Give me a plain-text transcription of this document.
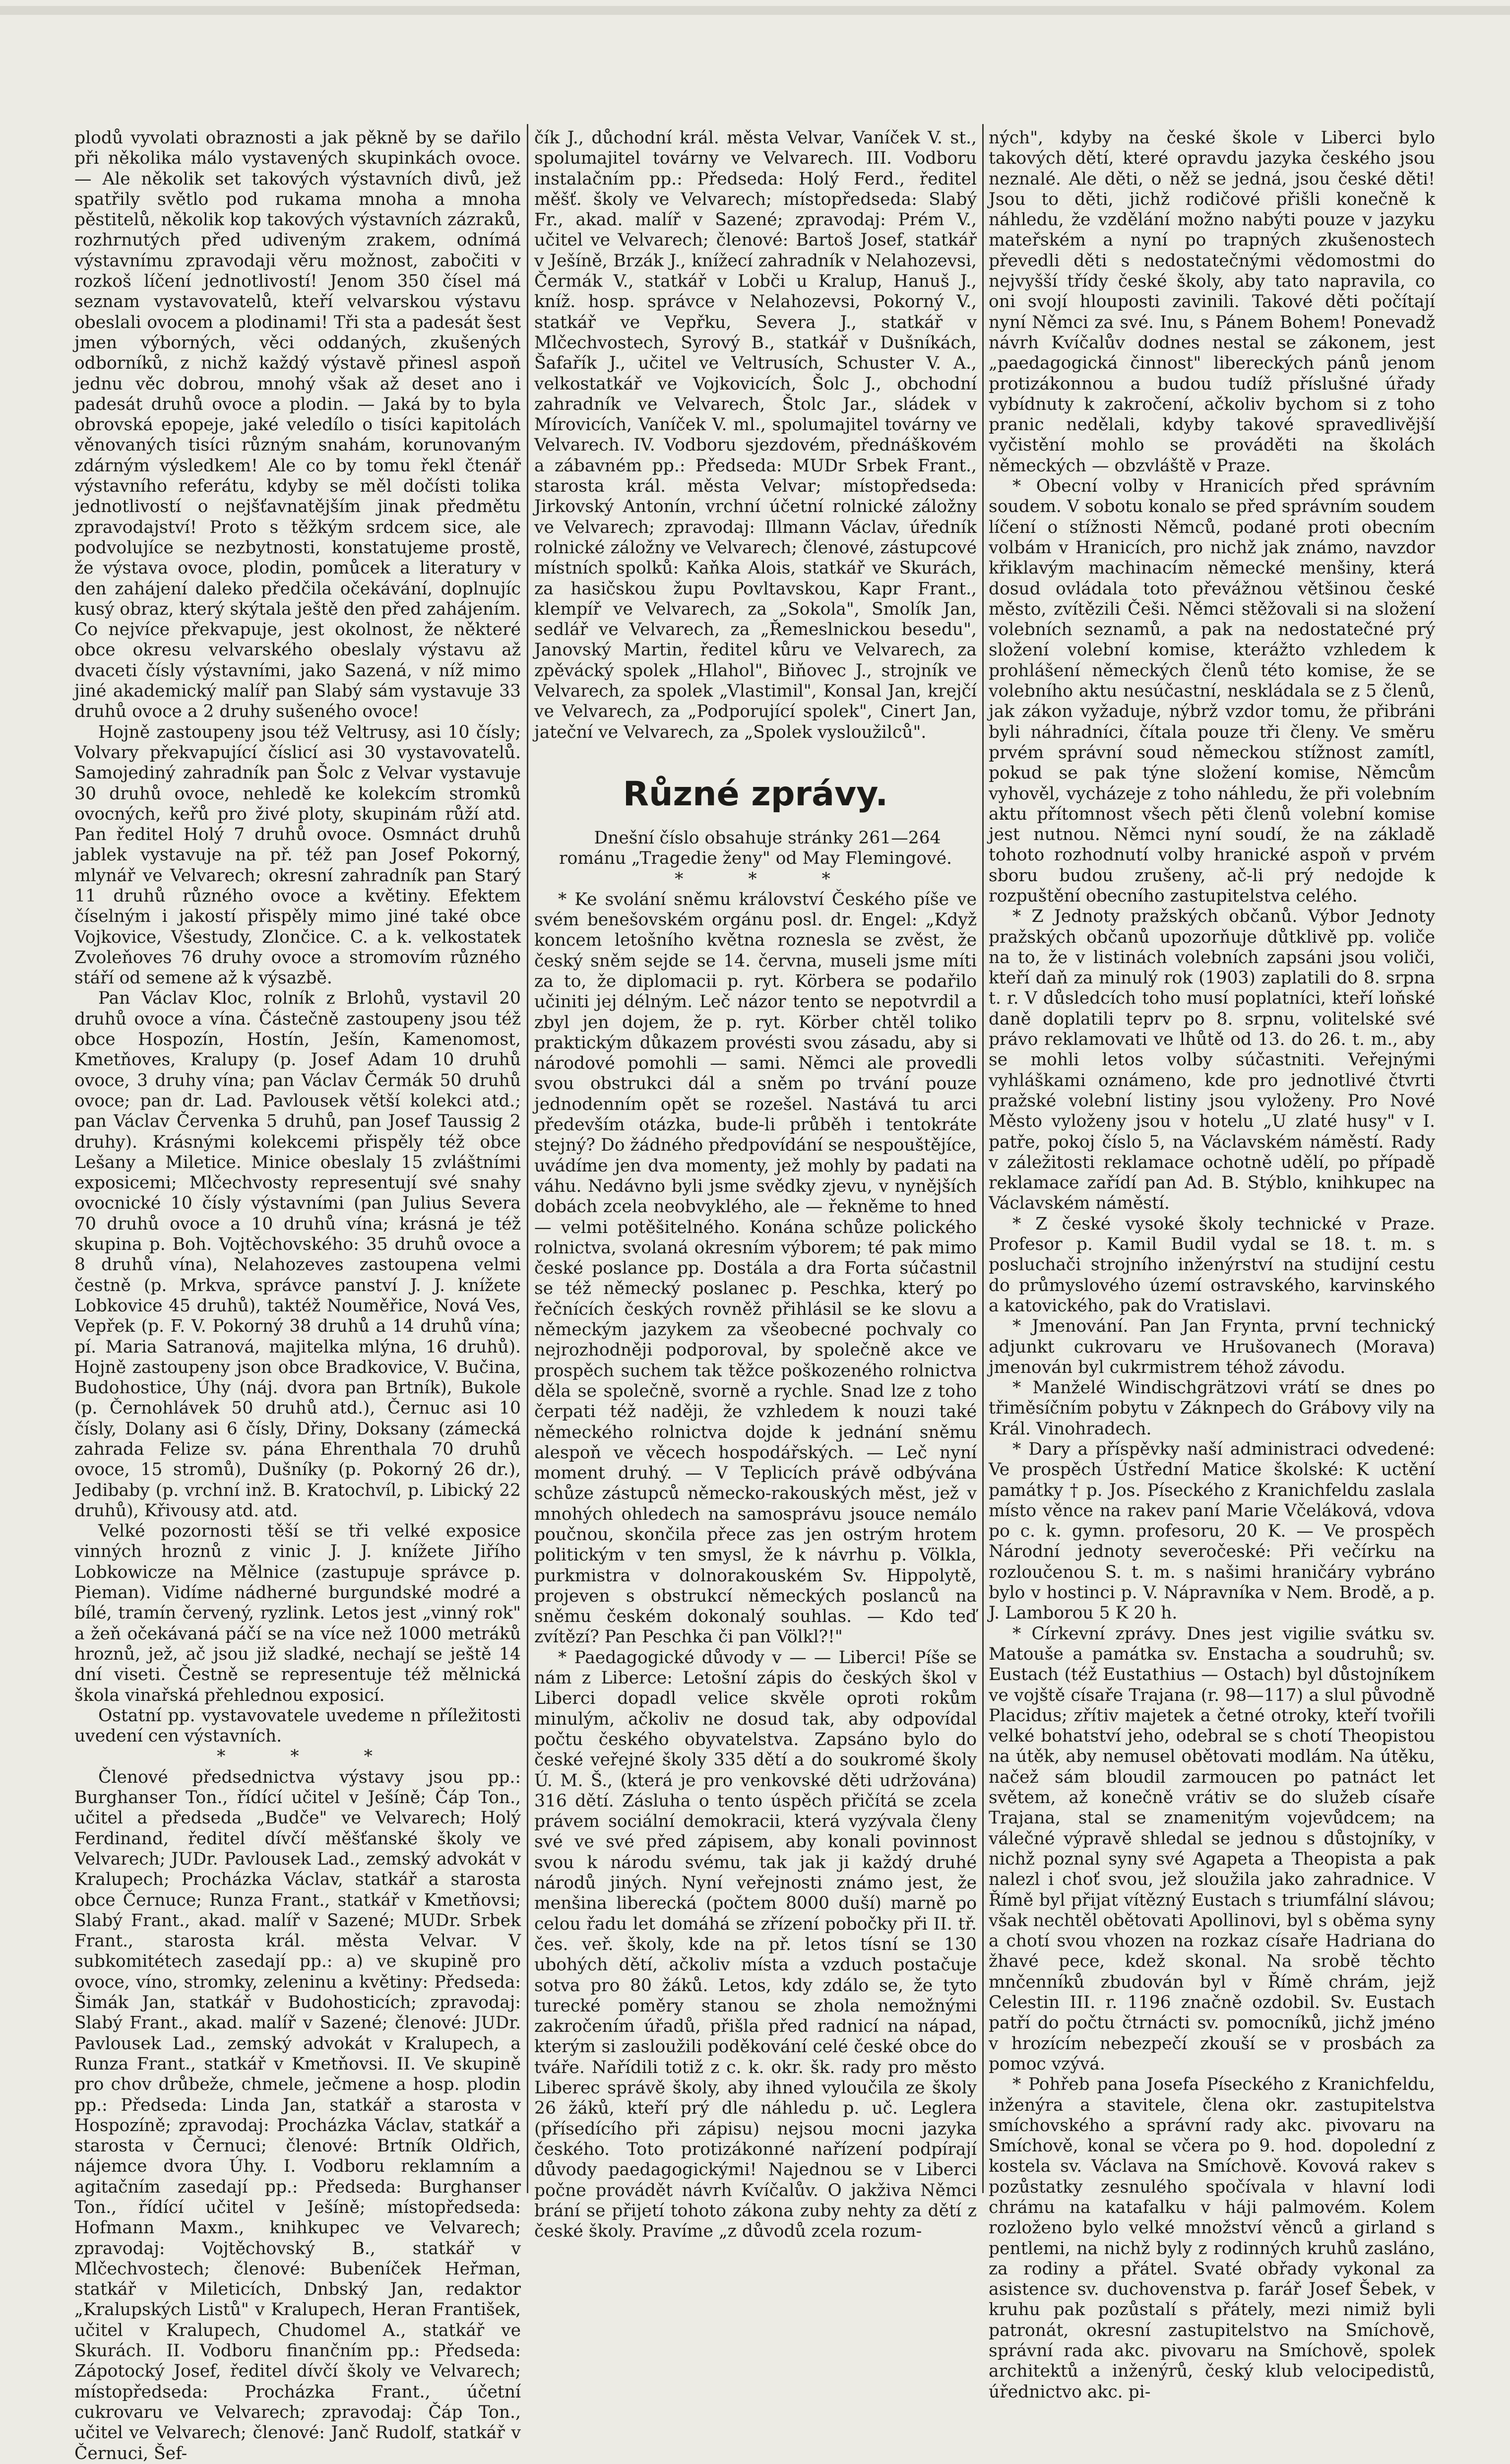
plodů vyvolati obraznosti a jak pěkně by se dařilo při několika málo vystavených skupinkách ovoce. — Ale několik set takových výstavních divů, jež spatřily světlo pod rukama mnoha a mnoha pěstitelů, několik kop takových výstavních zázraků, rozhrnutých před udiveným zrakem, odnímá výstavnímu zpravodaji věru možnost, zabočiti v rozkoš líčení jednotlivostí! Jenom 350 čísel má seznam vystavovatelů, kteří velvarskou výstavu obeslali ovocem a plodinami! Tři sta a padesát šest jmen výborných, věci oddaných, zkušených odborníků, z nichž každý výstavě přinesl aspoň jednu věc dobrou, mnohý však až deset ano i padesát druhů ovoce a plodin. — Jaká by to byla obrovská epopeje, jaké veledílo o tisíci kapitolách věnovaných tisíci různým snahám, korunovaným zdárným výsledkem! Ale co by tomu řekl čtenář výstavního referátu, kdyby se měl dočísti tolika jednotlivostí o nejšťavnatějším jinak předmětu zpravodajství! Proto s těžkým srdcem sice, ale podvolujíce se nezbytnosti, konstatujeme prostě, že výstava ovoce, plodin, pomůcek a literatury v den zahájení daleko předčila očekávání, doplnujíc kusý obraz, který skýtala ještě den před zahájením. Co nejvíce překvapuje, jest okolnost, že některé obce okresu velvarského obeslaly výstavu až dvaceti čísly výstavními, jako Sazená, v níž mimo jiné akademický malíř pan Slabý sám vystavuje 33 druhů ovoce a 2 druhy sušeného ovoce!

Hojně zastoupeny jsou též Veltrusy, asi 10 čísly; Volvary překvapující číslicí asi 30 vystavovatelů. Samojediný zahradník pan Šolc z Velvar vystavuje 30 druhů ovoce, nehledě ke kolekcím stromků ovocných, keřů pro živé ploty, skupinám růží atd. Pan ředitel Holý 7 druhů ovoce. Osmnáct druhů jablek vystavuje na př. též pan Josef Pokorný, mlynář ve Velvarech; okresní zahradník pan Starý 11 druhů různého ovoce a květiny. Efektem číselným i jakostí přispěly mimo jiné také obce Vojkovice, Všestudy, Zlončice. C. a k. velkostatek Zvoleňoves 76 druhy ovoce a stromovím různého stáří od semene až k výsazbě.

Pan Václav Kloc, rolník z Brlohů, vystavil 20 druhů ovoce a vína. Částečně zastoupeny jsou též obce Hospozín, Hostín, Ješín, Kamenomost, Kmetňoves, Kralupy (p. Josef Adam 10 druhů ovoce, 3 druhy vína; pan Václav Čermák 50 druhů ovoce; pan dr. Lad. Pavlousek větší kolekci atd.; pan Václav Červenka 5 druhů, pan Josef Taussig 2 druhy). Krásnými kolekcemi přispěly též obce Lešany a Miletice. Minice obeslaly 15 zvláštními exposicemi; Mlčechvosty representují své snahy ovocnické 10 čísly výstavními (pan Julius Severa 70 druhů ovoce a 10 druhů vína; krásná je též skupina p. Boh. Vojtěchovského: 35 druhů ovoce a 8 druhů vína), Nelahozeves zastoupena velmi čestně (p. Mrkva, správce panství J. J. knížete Lobkovice 45 druhů), taktéž Nouměřice, Nová Ves, Vepřek (p. F. V. Pokorný 38 druhů a 14 druhů vína; pí. Maria Satranová, majitelka mlýna, 16 druhů). Hojně zastoupeny json obce Bradkovice, V. Bučina, Budohostice, Úhy (náj. dvora pan Brtník), Bukole (p. Černohlávek 50 druhů atd.), Černuc asi 10 čísly, Dolany asi 6 čísly, Dřiny, Doksany (zámecká zahrada Felize sv. pána Ehrenthala 70 druhů ovoce, 15 stromů), Dušníky (p. Pokorný 26 dr.), Jedibaby (p. vrchní inž. B. Kratochvíl, p. Libický 22 druhů), Křivousy atd. atd.

Velké pozornosti těší se tři velké exposice vinných hroznů z vinic J. J. knížete Jiřího Lobkowicze na Mělnice (zastupuje správce p. Pieman). Vidíme nádherné burgundské modré a bílé, tramín červený, ryzlink. Letos jest „vinný rok" a žeň očekávaná páčí se na více než 1000 metráků hroznů, jež, ač jsou již sladké, nechají se ještě 14 dní viseti. Čestně se representuje též mělnická škola vinařská přehlednou exposicí.

Ostatní pp. vystavovatele uvedeme n příležitosti uvedení cen výstavních.

* * *

Členové předsednictva výstavy jsou pp.: Burghanser Ton., řídící učitel v Ješíně; Čáp Ton., učitel a předseda „Budče" ve Velvarech; Holý Ferdinand, ředitel dívčí měšťanské školy ve Velvarech; JUDr. Pavlousek Lad., zemský advokát v Kralupech; Procházka Václav, statkář a starosta obce Černuce; Runza Frant., statkář v Kmetňovsi; Slabý Frant., akad. malíř v Sazené; MUDr. Srbek Frant., starosta král. města Velvar. V subkomitétech zasedají pp.: a) ve skupině pro ovoce, víno, stromky, zeleninu a květiny: Předseda: Šimák Jan, statkář v Budohosticích; zpravodaj: Slabý Frant., akad. malíř v Sazené; členové: JUDr. Pavlousek Lad., zemský advokát v Kralupech, a Runza Frant., statkář v Kmetňovsi. II. Ve skupině pro chov drůbeže, chmele, ječmene a hosp. plodin pp.: Předseda: Linda Jan, statkář a starosta v Hospozíně; zpravodaj: Procházka Václav, statkář a starosta v Černuci; členové: Brtník Oldřich, nájemce dvora Úhy. I. Vodboru reklamním a agitačním zasedají pp.: Předseda: Burghanser Ton., řídící učitel v Ješíně; místopředseda: Hofmann Maxm., knihkupec ve Velvarech; zpravodaj: Vojtěchovský B., statkář v Mlčechvostech; členové: Bubeníček Heřman, statkář v Mileticích, Dnbský Jan, redaktor „Kralupských Listů" v Kralupech, Heran František, učitel v Kralupech, Chudomel A., statkář ve Skurách. II. Vodboru finančním pp.: Předseda: Zápotocký Josef, ředitel dívčí školy ve Velvarech; místopředseda: Procházka Frant., účetní cukrovaru ve Velvarech; zpravodaj: Čáp Ton., učitel ve Velvarech; členové: Janč Rudolf, statkář v Černuci, Šef-

čík J., důchodní král. města Velvar, Vaníček V. st., spolumajitel továrny ve Velvarech. III. Vodboru instalačním pp.: Předseda: Holý Ferd., ředitel měšť. školy ve Velvarech; místopředseda: Slabý Fr., akad. malíř v Sazené; zpravodaj: Prém V., učitel ve Velvarech; členové: Bartoš Josef, statkář v Ješíně, Brzák J., knížecí zahradník v Nelahozevsi, Čermák V., statkář v Lobči u Kralup, Hanuš J., kníž. hosp. správce v Nelahozevsi, Pokorný V., statkář ve Vepřku, Severa J., statkář v Mlčechvostech, Syrový B., statkář v Dušníkách, Šafařík J., učitel ve Veltrusích, Schuster V. A., velkostatkář ve Vojkovicích, Šolc J., obchodní zahradník ve Velvarech, Štolc Jar., sládek v Mírovicích, Vaníček V. ml., spolumajitel továrny ve Velvarech. IV. Vodboru sjezdovém, přednáškovém a zábavném pp.: Předseda: MUDr Srbek Frant., starosta král. města Velvar; místopředseda: Jirkovský Antonín, vrchní účetní rolnické záložny ve Velvarech; zpravodaj: Illmann Václav, úředník rolnické záložny ve Velvarech; členové, zástupcové místních spolků: Kaňka Alois, statkář ve Skurách, za hasičskou župu Povltavskou, Kapr Frant., klempíř ve Velvarech, za „Sokola", Smolík Jan, sedlář ve Velvarech, za „Řemeslnickou besedu", Janovský Martin, ředitel kůru ve Velvarech, za zpěvácký spolek „Hlahol", Biňovec J., strojník ve Velvarech, za spolek „Vlastimil", Konsal Jan, krejčí ve Velvarech, za „Podporující spolek", Cinert Jan, jateční ve Velvarech, za „Spolek vysloužilců".

Různé zprávy.

Dnešní číslo obsahuje stránky 261—264 románu „Tragedie ženy" od May Flemingové.

* * *

* Ke svolání sněmu království Českého píše ve svém benešovském orgánu posl. dr. Engel: „Když koncem letošního května roznesla se zvěst, že český sněm sejde se 14. června, museli jsme míti za to, že diplomacii p. ryt. Körbera se podařilo učiniti jej délným. Leč názor tento se nepotvrdil a zbyl jen dojem, že p. ryt. Körber chtěl toliko praktickým důkazem provésti svou zásadu, aby si národové pomohli — sami. Němci ale provedli svou obstrukci dál a sněm po trvání pouze jednodenním opět se rozešel. Nastává tu arci především otázka, bude-li průběh i tentokráte stejný? Do žádného předpovídání se nespouštějíce, uvádíme jen dva momenty, jež mohly by padati na váhu. Nedávno byli jsme svědky zjevu, v nynějších dobách zcela neobvyklého, ale — řekněme to hned — velmi potěšitelného. Konána schůze polického rolnictva, svolaná okresním výborem; té pak mimo české poslance pp. Dostála a dra Forta súčastnil se též německý poslanec p. Peschka, který po řečnících českých rovněž přihlásil se ke slovu a německým jazykem za všeobecné pochvaly co nejrozhodněji podporoval, by společně akce ve prospěch suchem tak těžce poškozeného rolnictva děla se společně, svorně a rychle. Snad lze z toho čerpati též naději, že vzhledem k nouzi také německého rolnictva dojde k jednání sněmu alespoň ve věcech hospodářských. — Leč nyní moment druhý. — V Teplicích právě odbývána schůze zástupců německo-rakouských měst, jež v mnohých ohledech na samosprávu jsouce nemálo poučnou, skončila přece zas jen ostrým hrotem politickým v ten smysl, že k návrhu p. Völkla, purkmistra v dolnorakouském Sv. Hippolytě, projeven s obstrukcí německých poslanců na sněmu českém dokonalý souhlas. — Kdo teď zvítězí? Pan Peschka či pan Völkl?!"

* Paedagogické důvody v — — Liberci! Píše se nám z Liberce: Letošní zápis do českých škol v Liberci dopadl velice skvěle oproti rokům minulým, ačkoliv ne dosud tak, aby odpovídal počtu českého obyvatelstva. Zapsáno bylo do české veřejné školy 335 dětí a do soukromé školy Ú. M. Š., (která je pro venkovské děti udržována) 316 dětí. Zásluha o tento úspěch přičítá se zcela právem sociální demokracii, která vyzývala členy své ve své před zápisem, aby konali povinnost svou k národu svému, tak jak ji každý druhé národů jiných. Nyní veřejnosti známo jest, že menšina liberecká (počtem 8000 duší) marně po celou řadu let domáhá se zřízení pobočky při II. tř. čes. veř. školy, kde na př. letos tísní se 130 ubohých dětí, ačkoliv místa a vzduch postačuje sotva pro 80 žáků. Letos, kdy zdálo se, že tyto turecké poměry stanou se zhola nemožnými zakročením úřadů, přišla před radnicí na nápad, kterým si zasloužili poděkování celé české obce do tváře. Nařídili totiž z c. k. okr. šk. rady pro město Liberec správě školy, aby ihned vyloučila ze školy 26 žáků, kteří prý dle náhledu p. uč. Leglera (přísedícího při zápisu) nejsou mocni jazyka českého. Toto protizákonné nařízení podpírají důvody paedagogickými! Najednou se v Liberci počne provádět návrh Kvíčalův. O jakživa Němci brání se přijetí tohoto zákona zuby nehty za dětí z české školy. Pravíme „z důvodů zcela rozum-

ných", kdyby na české škole v Liberci bylo takových dětí, které opravdu jazyka českého jsou neznalé. Ale děti, o něž se jedná, jsou české děti! Jsou to děti, jichž rodičové přišli konečně k náhledu, že vzdělání možno nabýti pouze v jazyku mateřském a nyní po trapných zkušenostech převedli děti s nedostatečnými vědomostmi do nejvyšší třídy české školy, aby tato napravila, co oni svojí hlouposti zavinili. Takové děti počítají nyní Němci za své. Inu, s Pánem Bohem! Ponevadž návrh Kvíčalův dodnes nestal se zákonem, jest „paedagogická činnost" libereckých pánů jenom protizákonnou a budou tudíž příslušné úřady vybídnuty k zakročení, ačkoliv bychom si z toho pranic nedělali, kdyby takové spravedlivější vyčistění mohlo se prováděti na školách německých — obzvláště v Praze.

* Obecní volby v Hranicích před správním soudem. V sobotu konalo se před správním soudem líčení o stížnosti Němců, podané proti obecním volbám v Hranicích, pro nichž jak známo, navzdor křiklavým machinacím německé menšiny, která dosud ovládala toto převážnou většinou české město, zvítězili Češi. Němci stěžovali si na složení volebních seznamů, a pak na nedostatečné prý složení volební komise, kterážto vzhledem k prohlášení německých členů této komise, že se volebního aktu nesúčastní, neskládala se z 5 členů, jak zákon vyžaduje, nýbrž vzdor tomu, že přibráni byli náhradníci, čítala pouze tři členy. Ve směru prvém správní soud německou stížnost zamítl, pokud se pak týne složení komise, Němcům vyhověl, vycházeje z toho náhledu, že při volebním aktu přítomnost všech pěti členů volební komise jest nutnou. Němci nyní soudí, že na základě tohoto rozhodnutí volby hranické aspoň v prvém sboru budou zrušeny, ač-li prý nedojde k rozpuštění obecního zastupitelstva celého.

* Z Jednoty pražských občanů. Výbor Jednoty pražských občanů upozorňuje důtklivě pp. voliče na to, že v listinách volebních zapsáni jsou voliči, kteří daň za minulý rok (1903) zaplatili do 8. srpna t. r. V důsledcích toho musí poplatníci, kteří loňské daně doplatili teprv po 8. srpnu, volitelské své právo reklamovati ve lhůtě od 13. do 26. t. m., aby se mohli letos volby súčastniti. Veřejnými vyhláškami oznámeno, kde pro jednotlivé čtvrti pražské volební listiny jsou vyloženy. Pro Nové Město vyloženy jsou v hotelu „U zlaté husy" v I. patře, pokoj číslo 5, na Václavském náměstí. Rady v záležitosti reklamace ochotně udělí, po případě reklamace zařídí pan Ad. B. Stýblo, knihkupec na Václavském náměstí.

* Z české vysoké školy technické v Praze. Profesor p. Kamil Budil vydal se 18. t. m. s posluchači strojního inženýrství na studijní cestu do průmyslového území ostravského, karvinského a katovického, pak do Vratislavi.

* Jmenování. Pan Jan Frynta, první technický adjunkt cukrovaru ve Hrušovanech (Morava) jmenován byl cukrmistrem téhož závodu.

* Manželé Windischgrätzovi vrátí se dnes po třiměsíčním pobytu v Záknpech do Grábovy vily na Král. Vinohradech.

* Dary a příspěvky naší administraci odvedené: Ve prospěch Ústřední Matice školské: K uctění památky † p. Jos. Píseckého z Kranichfeldu zaslala místo věnce na rakev paní Marie Včeláková, vdova po c. k. gymn. profesoru, 20 K. — Ve prospěch Národní jednoty severočeské: Při večírku na rozloučenou S. t. m. s našimi hraničáry vybráno bylo v hostinci p. V. Nápravníka v Nem. Brodě, a p. J. Lamborou 5 K 20 h.

* Církevní zprávy. Dnes jest vigilie svátku sv. Matouše a památka sv. Enstacha a soudruhů; sv. Eustach (též Eustathius — Ostach) byl důstojníkem ve vojště císaře Trajana (r. 98—117) a slul původně Placidus; zřítiv majetek a četné otroky, kteří tvořili velké bohatství jeho, odebral se s chotí Theopistou na útěk, aby nemusel obětovati modlám. Na útěku, načež sám bloudil zarmoucen po patnáct let světem, až konečně vrátiv se do služeb císaře Trajana, stal se znamenitým vojevůdcem; na válečné výpravě shledal se jednou s důstojníky, v nichž poznal syny své Agapeta a Theopista a pak nalezl i choť svou, jež sloužila jako zahradnice. V Římě byl přijat vítězný Eustach s triumfální slávou; však nechtěl obětovati Apollinovi, byl s oběma syny a chotí svou vhozen na rozkaz císaře Hadriana do žhavé pece, kdež skonal. Na srobě těchto mnčenníků zbudován byl v Římě chrám, jejž Celestin III. r. 1196 značně ozdobil. Sv. Eustach patří do počtu čtrnácti sv. pomocníků, jichž jméno v hrozícím nebezpečí zkouší se v prosbách za pomoc vzývá.

* Pohřeb pana Josefa Píseckého z Kranichfeldu, inženýra a stavitele, člena okr. zastupitelstva smíchovského a správní rady akc. pivovaru na Smíchově, konal se včera po 9. hod. dopolední z kostela sv. Václava na Smíchově. Kovová rakev s pozůstatky zesnulého spočívala v hlavní lodi chrámu na katafalku v háji palmovém. Kolem rozloženo bylo velké množství věnců a girland s pentlemi, na nichž byly z rodinných kruhů zasláno, za rodiny a přátel. Svaté obřady vykonal za asistence sv. duchovenstva p. farář Josef Šebek, v kruhu pak pozůstalí s přátely, mezi nimiž byli patronát, okresní zastupitelstvo na Smíchově, správní rada akc. pivovaru na Smíchově, spolek architektů a inženýrů, český klub velocipedistů, úřednictvo akc. pi-
